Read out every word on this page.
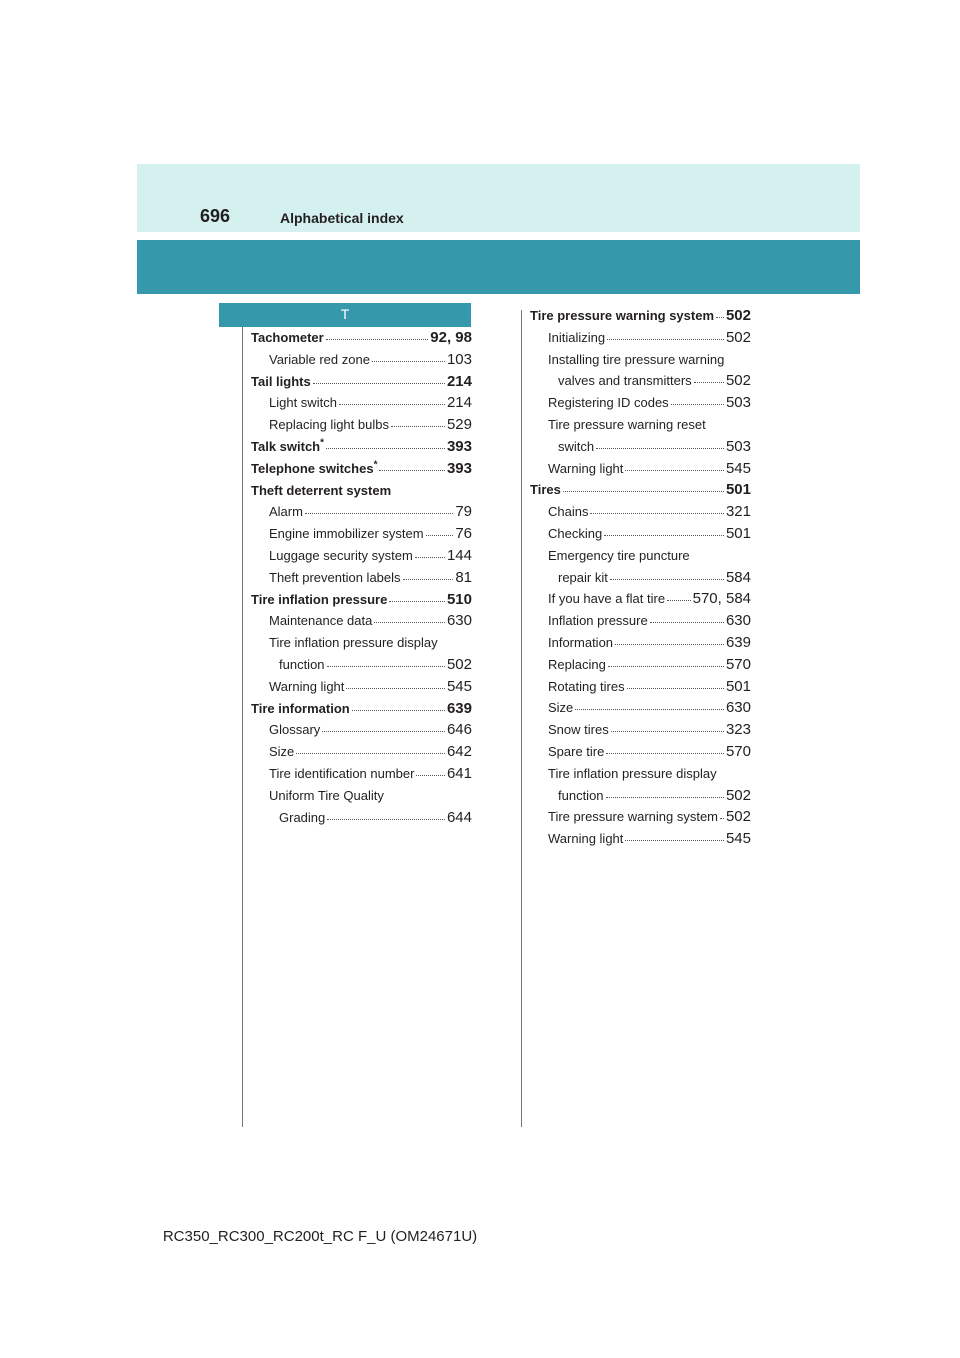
696	Alphabetical index
T
Tachometer	92, 98
Variable red zone	103
Tail lights	214
Light switch	214
Replacing light bulbs	529
Talk switch*	393
Telephone switches*	393
Theft deterrent system
Alarm	79
Engine immobilizer system 76
Luggage security system 144
Theft prevention labels	81
Tire inflation pressure	510
Maintenance data	630
Tire inflation pressure display
function	502
Warning light	545
Tire information	639
Glossary	646
Size	642
Tire identification number 641
Uniform Tire Quality
Grading	644
Tire pressure warning system 502
Initializing	502
Installing tire pressure warning
valves and transmitters 502
Registering ID codes	503
Tire pressure warning reset
switch	503
Warning light	545
Tires	501
Chains	321
Checking	501
Emergency tire puncture
repair kit	584
If you have a flat tire 570, 584
Inflation pressure	630
Information	639
Replacing	570
Rotating tires	501
Size	630
Snow tires	323
Spare tire	570
Tire inflation pressure display
function	502
Tire pressure warning system 502
Warning light	545
RC350_RC300_RC200t_RC F_U (OM24671U)
